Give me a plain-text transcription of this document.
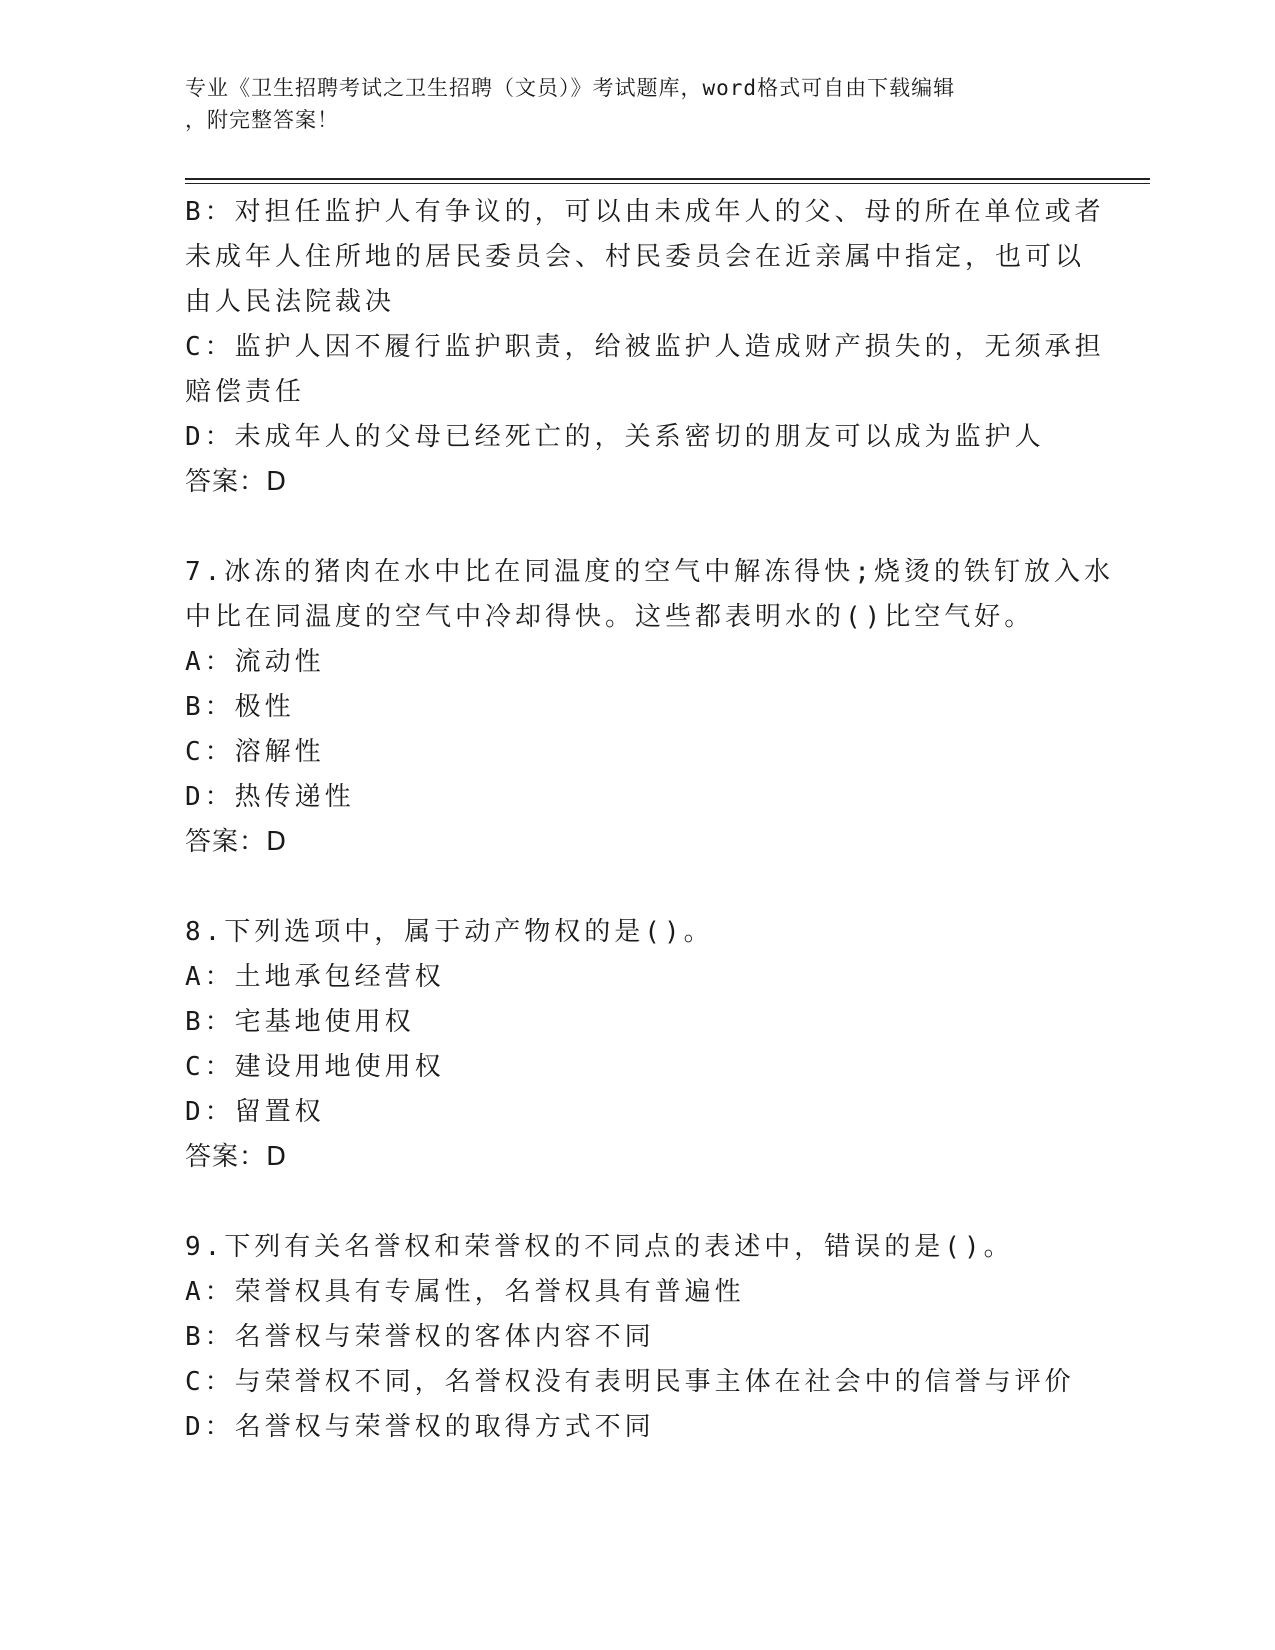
专业《卫生招聘考试之卫生招聘（文员）》考试题库，word格式可自由下载编辑
，附完整答案！
B：对担任监护人有争议的，可以由未成年人的父、母的所在单位或者
未成年人住所地的居民委员会、村民委员会在近亲属中指定，也可以
由人民法院裁决
C：监护人因不履行监护职责，给被监护人造成财产损失的，无须承担
赔偿责任
D：未成年人的父母已经死亡的，关系密切的朋友可以成为监护人
答案：D
7.冰冻的猪肉在水中比在同温度的空气中解冻得快;烧烫的铁钉放入水
中比在同温度的空气中冷却得快。这些都表明水的()比空气好。
A：流动性
B：极性
C：溶解性
D：热传递性
答案：D
8.下列选项中，属于动产物权的是()。
A：土地承包经营权
B：宅基地使用权
C：建设用地使用权
D：留置权
答案：D
9.下列有关名誉权和荣誉权的不同点的表述中，错误的是()。
A：荣誉权具有专属性，名誉权具有普遍性
B：名誉权与荣誉权的客体内容不同
C：与荣誉权不同，名誉权没有表明民事主体在社会中的信誉与评价
D：名誉权与荣誉权的取得方式不同
